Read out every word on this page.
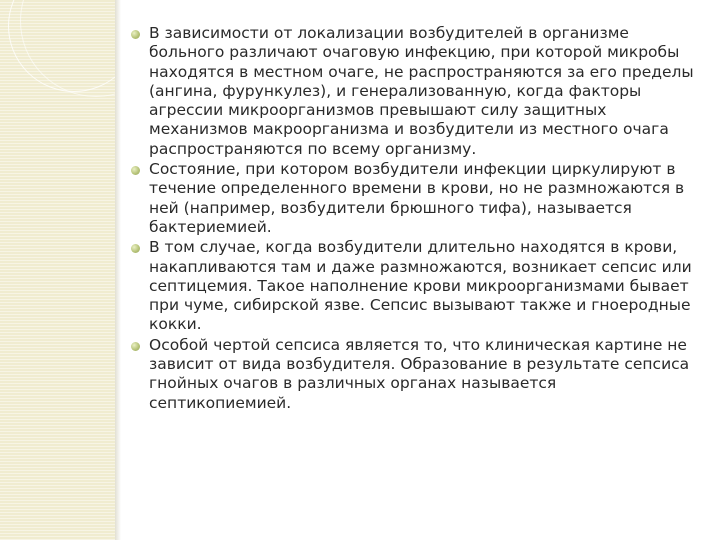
В зависимости от локализации возбудителей в организме больного различают очаговую инфекцию, при которой микробы находятся в местном очаге, не распространяются за его пределы (ангина, фурункулез), и генерализованную, когда факторы агрессии микроорганизмов превышают силу защитных механизмов макроорганизма и возбудители из местного очага распространяются по всему организму.
Состояние, при котором возбудители инфекции циркулируют в течение определенного времени в крови, но не размножаются в ней (например, возбудители брюшного тифа), называется бактериемией.
В том случае, когда возбудители длительно находятся в крови, накапливаются там и даже размножаются, возникает сепсис или септицемия. Такое наполнение крови микроорганизмами бывает при чуме, сибирской язве. Сепсис вызывают также и гноеродные кокки.
Особой чертой сепсиса является то, что клиническая картине не зависит от вида возбудителя. Образование в результате сепсиса гнойных очагов в различных органах называется септикопиемией.
